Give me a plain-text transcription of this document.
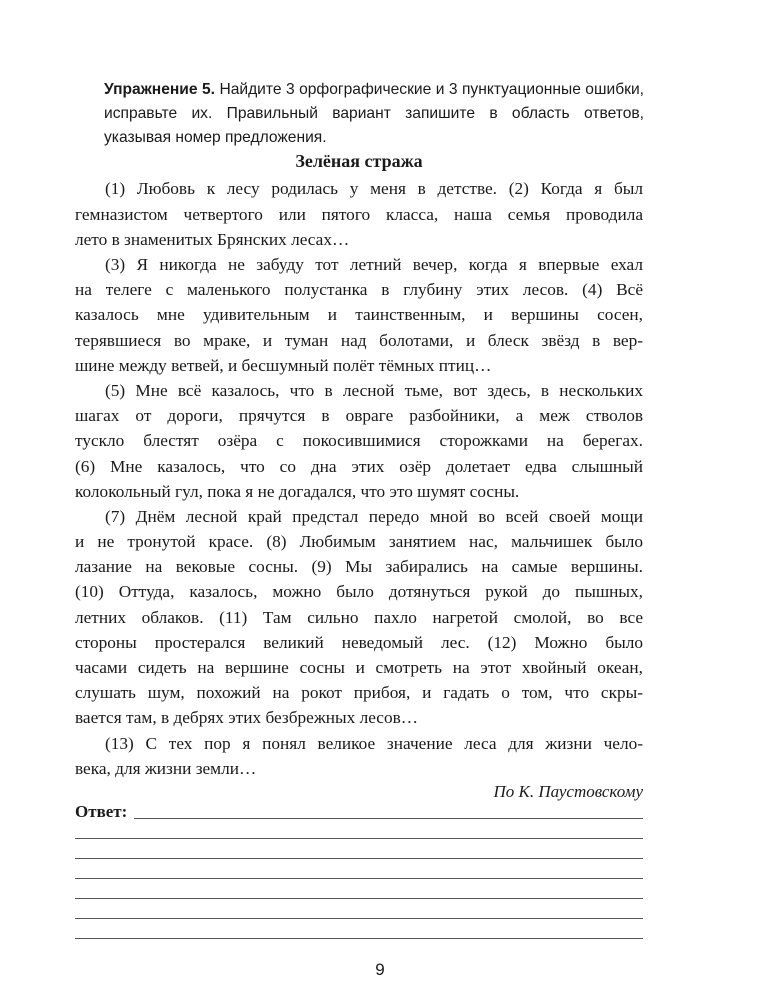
Упражнение 5. Найдите 3 орфографические и 3 пунктуационные ошибки, исправьте их. Правильный вариант запишите в область ответов, указывая номер предложения.
Зелёная стража
(1) Любовь к лесу родилась у меня в детстве. (2) Когда я был
гемназистом четвертого или пятого класса, наша семья проводила
лето в знаменитых Брянских лесах…
(3) Я никогда не забуду тот летний вечер, когда я впервые ехал
на телеге с маленького полустанка в глубину этих лесов. (4) Всё
казалось мне удивительным и таинственным, и вершины сосен,
терявшиеся во мраке, и туман над болотами, и блеск звёзд в вер-
шине между ветвей, и бесшумный полёт тёмных птиц…
(5) Мне всё казалось, что в лесной тьме, вот здесь, в нескольких
шагах от дороги, прячутся в овраге разбойники, а меж стволов
тускло блестят озёра с покосившимися сторожками на берегах.
(6) Мне казалось, что со дна этих озёр долетает едва слышный
колокольный гул, пока я не догадался, что это шумят сосны.
(7) Днём лесной край предстал передо мной во всей своей мощи
и не тронутой красе. (8) Любимым занятием нас, мальчишек было
лазание на вековые сосны. (9) Мы забирались на самые вершины.
(10) Оттуда, казалось, можно было дотянуться рукой до пышных,
летних облаков. (11) Там сильно пахло нагретой смолой, во все
стороны простерался великий неведомый лес. (12) Можно было
часами сидеть на вершине сосны и смотреть на этот хвойный океан,
слушать шум, похожий на рокот прибоя, и гадать о том, что скры-
вается там, в дебрях этих безбрежных лесов…
(13) С тех пор я понял великое значение леса для жизни чело-
века, для жизни земли…
По К. Паустовскому
Ответ:
9
